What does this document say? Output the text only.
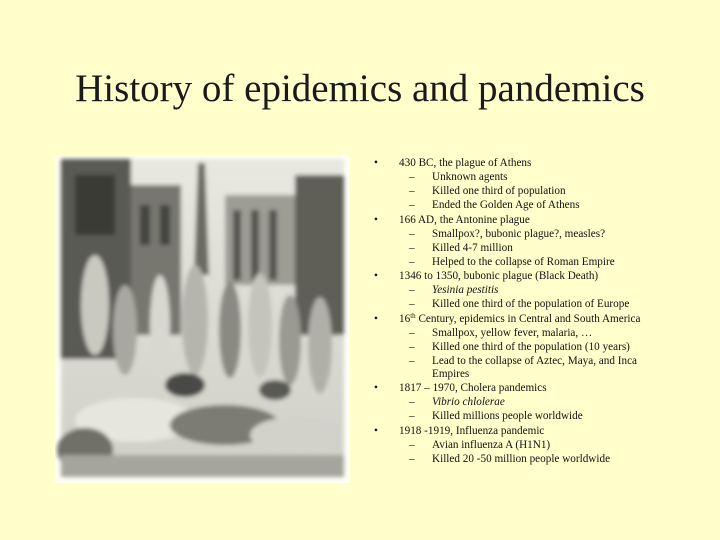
History of epidemics and pandemics
• 430 BC, the plague of Athens
– Unknown agents
– Killed one third of population
– Ended the Golden Age of Athens
• 166 AD, the Antonine plague
– Smallpox?, bubonic plague?, measles?
– Killed 4-7 million
– Helped to the collapse of Roman Empire
• 1346 to 1350, bubonic plague (Black Death)
– Yesinia pestitis
– Killed one third of the population of Europe
• 16th Century, epidemics in Central and South America
– Smallpox, yellow fever, malaria, …
– Killed one third of the population (10 years)
– Lead to the collapse of Aztec, Maya, and Inca Empires
• 1817 – 1970, Cholera pandemics
– Vibrio chlolerae
– Killed millions people worldwide
• 1918 -1919, Influenza pandemic
– Avian influenza A (H1N1)
– Killed 20 -50 million people worldwide
